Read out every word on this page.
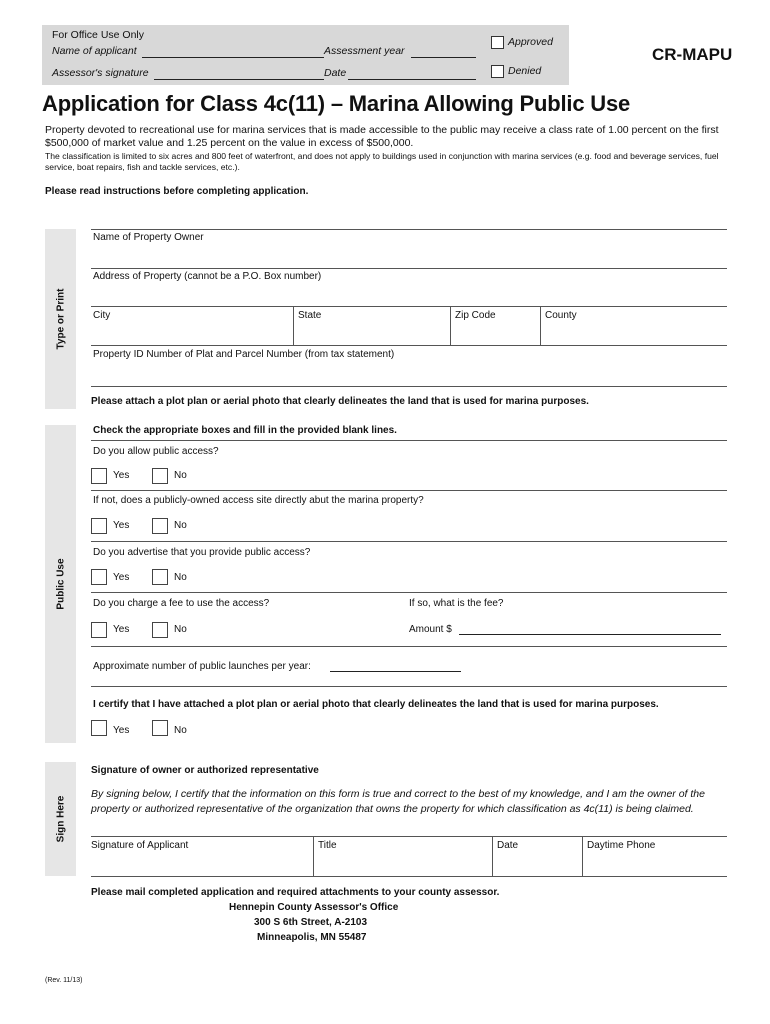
For Office Use Only
Name of applicant	Assessment year
Assessor's signature	Date
Approved
Denied
CR-MAPU
Application for Class 4c(11) – Marina Allowing Public Use
Property devoted to recreational use for marina services that is made accessible to the public may receive a class rate of 1.00 percent on the first $500,000 of market value and 1.25 percent on the value in excess of $500,000.
The classification is limited to six acres and 800 feet of waterfront, and does not apply to buildings used in conjunction with marina services (e.g. food and beverage services, fuel service, boat repairs, fish and tackle services, etc.).
Please read instructions before completing application.
Type or Print
Name of Property Owner
Address of Property (cannot be a P.O. Box number)
City	State	Zip Code	County
Property ID Number of Plat and Parcel Number (from tax statement)
Please attach a plot plan or aerial photo that clearly delineates the land that is used for marina purposes.
Public Use
Check the appropriate boxes and fill in the provided blank lines.
Do you allow public access?
Yes	No
If not, does a publicly-owned access site directly abut the marina property?
Yes	No
Do you advertise that you provide public access?
Yes	No
Do you charge a fee to use the access?	If so, what is the fee?
Yes	No	Amount $
Approximate number of public launches per year:
I certify that I have attached a plot plan or aerial photo that clearly delineates the land that is used for marina purposes.
Yes	No
Sign Here
Signature of owner or authorized representative
By signing below, I certify that the information on this form is true and correct to the best of my knowledge, and I am the owner of the property or authorized representative of the organization that owns the property for which classification as 4c(11) is being claimed.
Signature of Applicant	Title	Date	Daytime Phone
Please mail completed application and required attachments to your county assessor.
Hennepin County Assessor's Office
300 S 6th Street, A-2103
Minneapolis, MN 55487
(Rev. 11/13)
